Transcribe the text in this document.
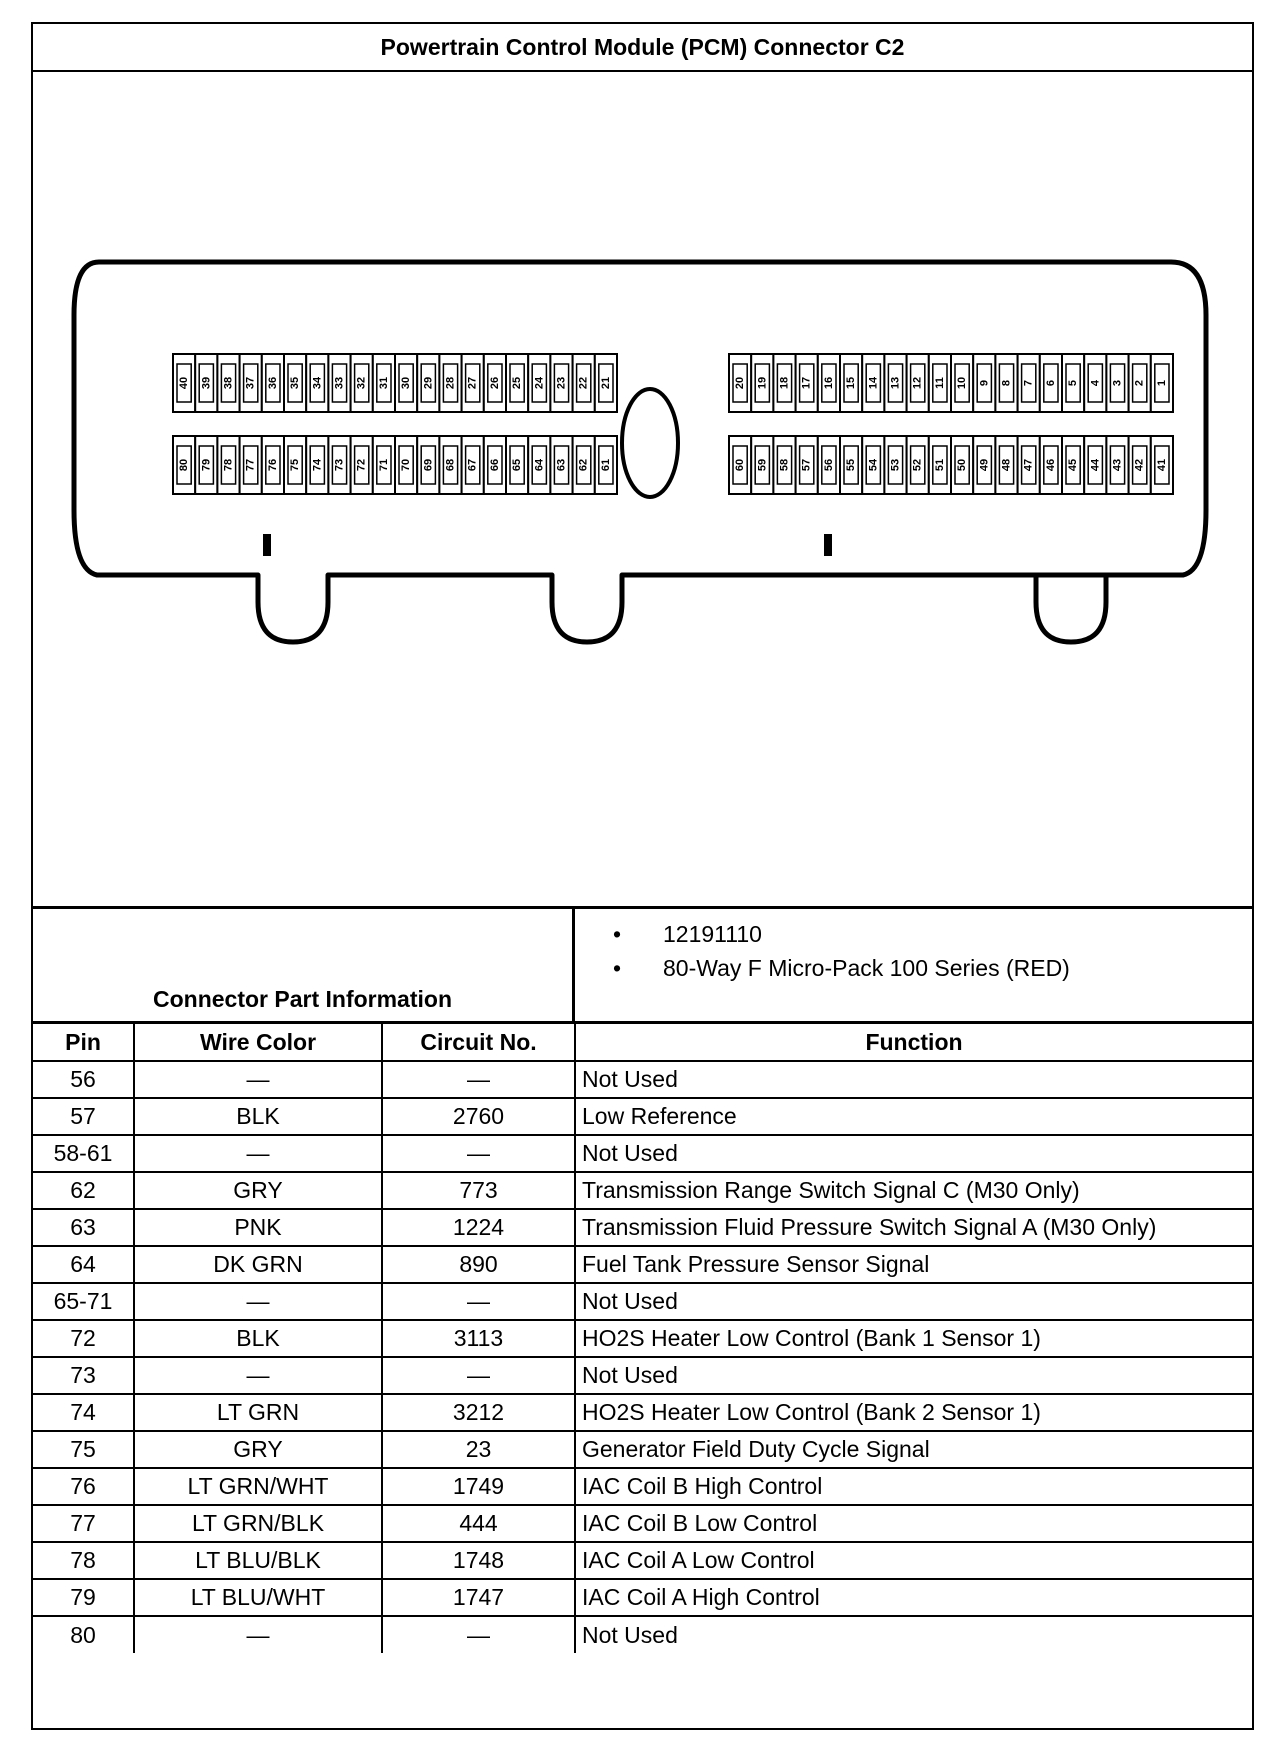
Powertrain Control Module (PCM) Connector C2
40 39 38 37 36 35 34 33 32 31 30 29 28 27 26 25 24 23 22 21	20 19 18 17 16 15 14 13 12 11 10 9 8 7 6 5 4 3 2 1
80 79 78 77 76 75 74 73 72 71 70 69 68 67 66 65 64 63 62 61	60 59 58 57 56 55 54 53 52 51 50 49 48 47 46 45 44 43 42 41
Connector Part Information
• 12191110
• 80-Way F Micro-Pack 100 Series (RED)
Pin	Wire Color	Circuit No.	Function
56	—	—	Not Used
57	BLK	2760	Low Reference
58-61	—	—	Not Used
62	GRY	773	Transmission Range Switch Signal C (M30 Only)
63	PNK	1224	Transmission Fluid Pressure Switch Signal A (M30 Only)
64	DK GRN	890	Fuel Tank Pressure Sensor Signal
65-71	—	—	Not Used
72	BLK	3113	HO2S Heater Low Control (Bank 1 Sensor 1)
73	—	—	Not Used
74	LT GRN	3212	HO2S Heater Low Control (Bank 2 Sensor 1)
75	GRY	23	Generator Field Duty Cycle Signal
76	LT GRN/WHT	1749	IAC Coil B High Control
77	LT GRN/BLK	444	IAC Coil B Low Control
78	LT BLU/BLK	1748	IAC Coil A Low Control
79	LT BLU/WHT	1747	IAC Coil A High Control
80	—	—	Not Used
